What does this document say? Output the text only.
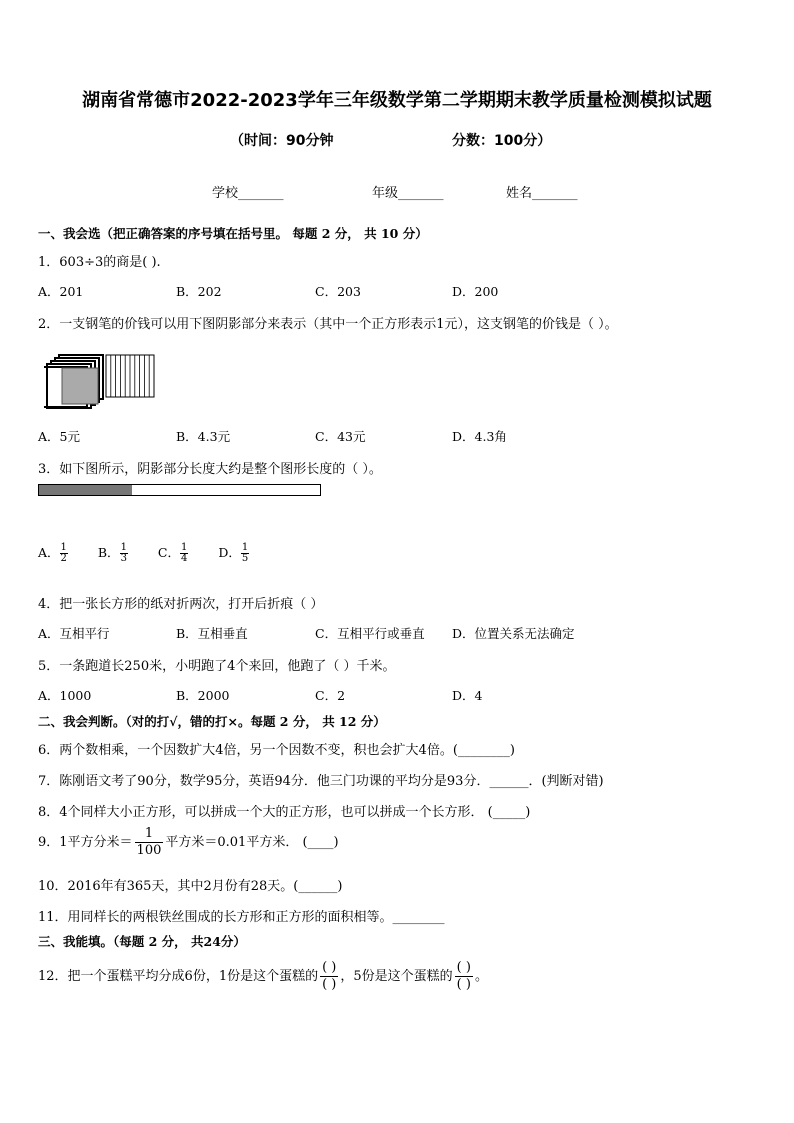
湖南省常德市2022-2023学年三年级数学第二学期期末教学质量检测模拟试题
（时间：90分钟	分数：100分）
学校_______	年级_______	姓名_______
一、我会选（把正确答案的序号填在括号里。 每题 2 分， 共 10 分）
1．603÷3的商是( ).
A．201	B．202	C．203	D．200
2．一支钢笔的价钱可以用下图阴影部分来表示（其中一个正方形表示1元），这支钢笔的价钱是（ ）。
A．5元	B．4.3元	C．43元	D．4.3角
3．如下图所示，阴影部分长度大约是整个图形长度的（ ）。
A． $\frac{1}{2}$ B． $\frac{1}{3}$ C． $\frac{1}{4}$ D． $\frac{1}{5}$
4．把一张长方形的纸对折两次，打开后折痕（ ）
A．互相平行	B．互相垂直	C．互相平行或垂直 D．位置关系无法确定
5．一条跑道长250米，小明跑了4个来回，他跑了（ ）千米。
A．1000	B．2000	C．2	D．4
二、我会判断。（对的打√，错的打×。每题 2 分， 共 12 分）
6．两个数相乘，一个因数扩大4倍，另一个因数不变，积也会扩大4倍。(________)
7．陈刚语文考了90分，数学95分，英语94分．他三门功课的平均分是93分．______．(判断对错)
8．4个同样大小正方形，可以拼成一个大的正方形，也可以拼成一个长方形． (_____)
9．1平方分米＝ $\frac{1}{100}$ 平方米＝0.01平方米． (____)
10．2016年有365天，其中2月份有28天。(______)
11．用同样长的两根铁丝围成的长方形和正方形的面积相等。________
三、我能填。（每题 2 分， 共24分）
12．把一个蛋糕平均分成6份，1份是这个蛋糕的
( )
( )
，5份是这个蛋糕的
( )
( )
。
